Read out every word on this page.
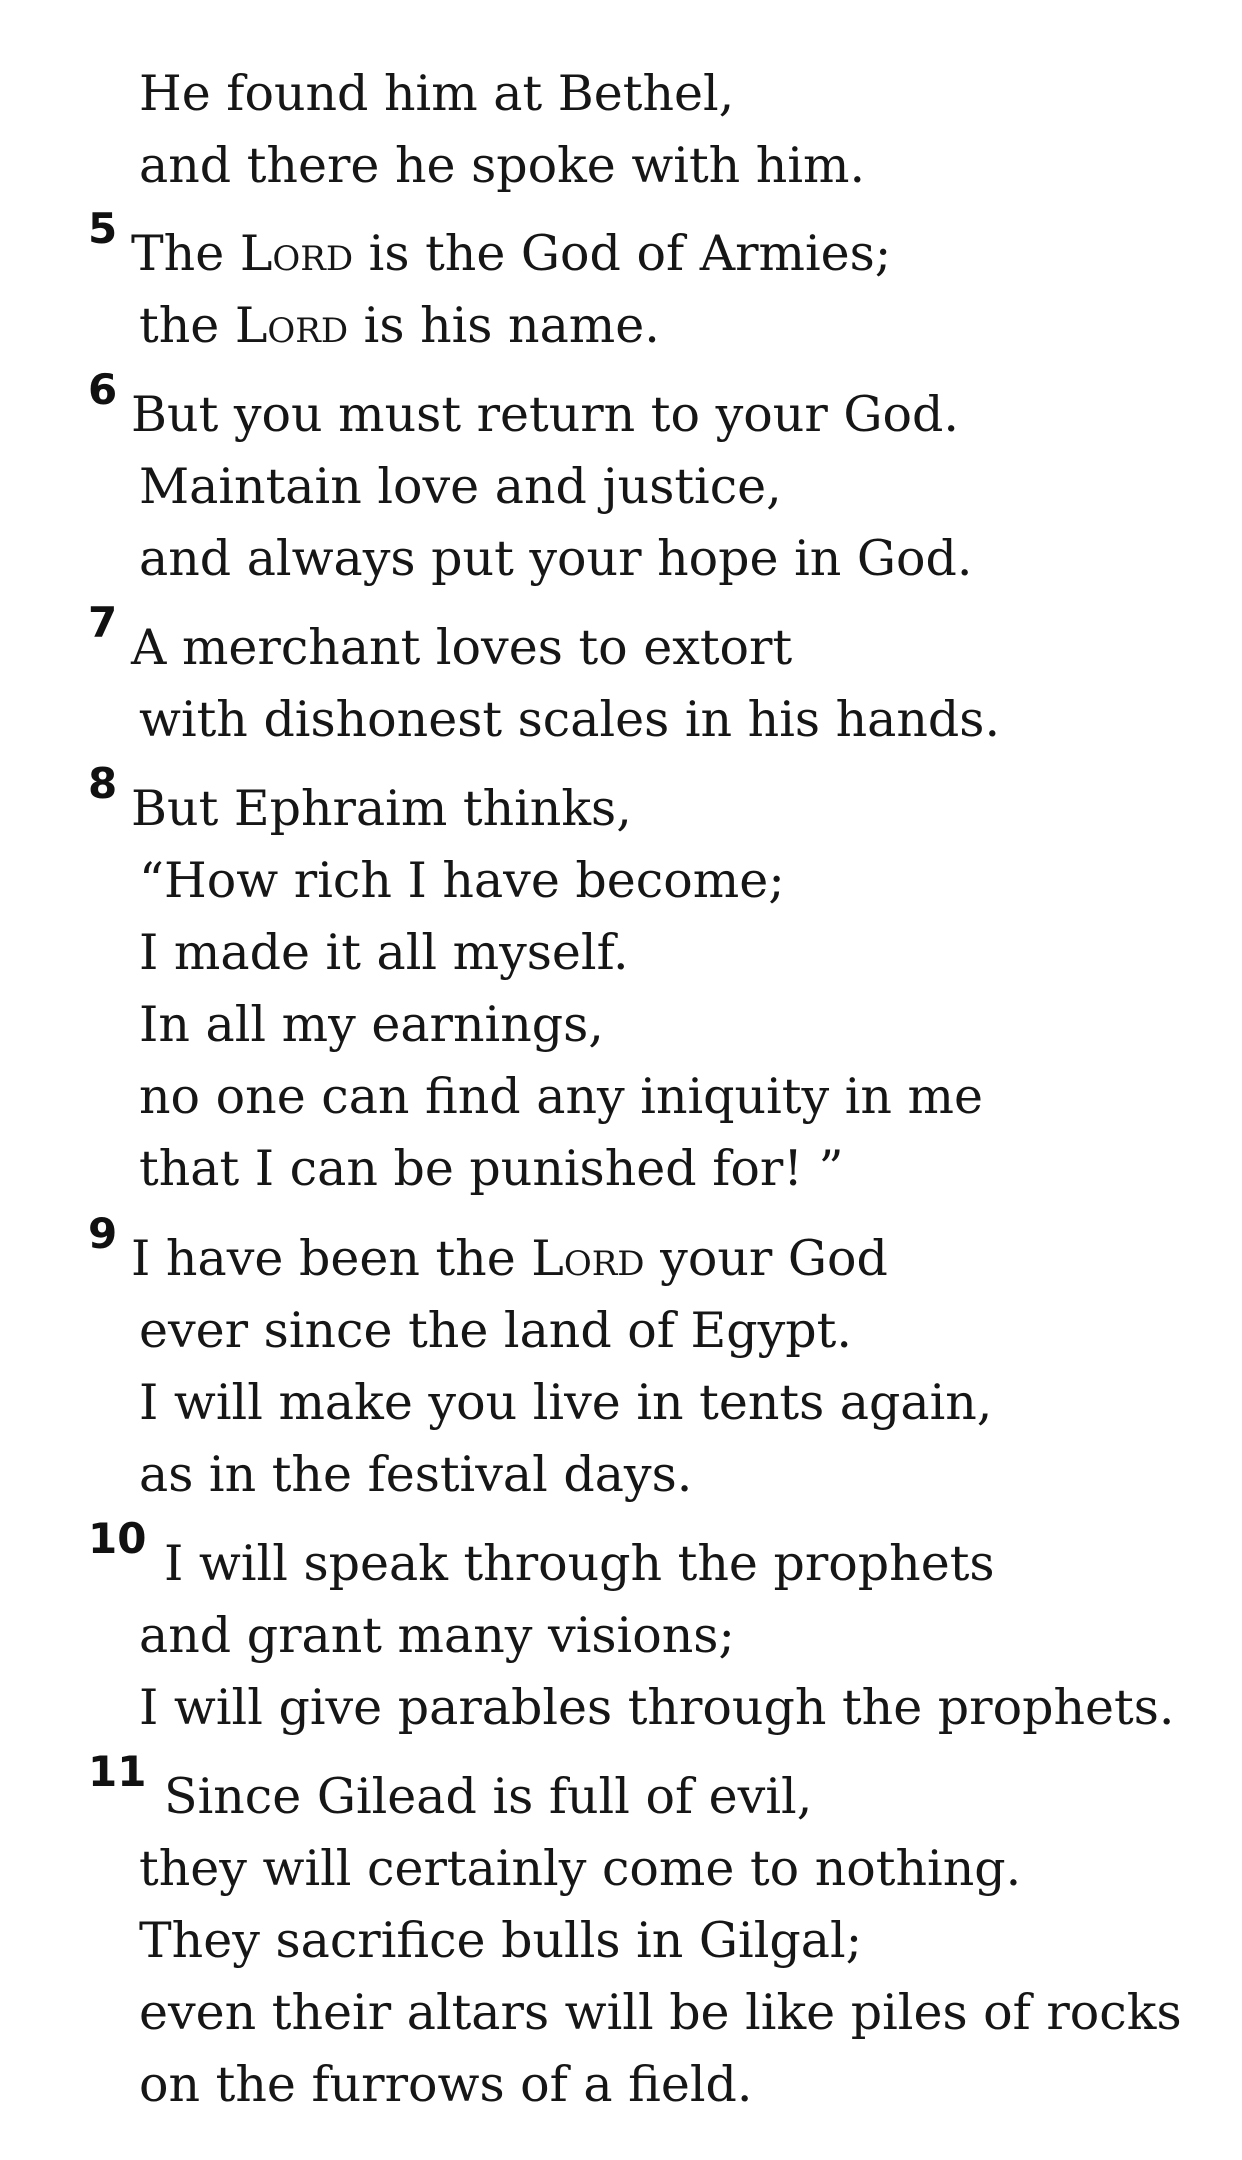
He found him at Bethel,
and there he spoke with him.
5 The Lord is the God of Armies;
the Lord is his name.
6 But you must return to your God.
Maintain love and justice,
and always put your hope in God.
7 A merchant loves to extort
with dishonest scales in his hands.
8 But Ephraim thinks,
“How rich I have become;
I made it all myself.
In all my earnings,
no one can find any iniquity in me
that I can be punished for! ”
9 I have been the Lord your God
ever since the land of Egypt.
I will make you live in tents again,
as in the festival days.
10 I will speak through the prophets
and grant many visions;
I will give parables through the prophets.
11 Since Gilead is full of evil,
they will certainly come to nothing.
They sacrifice bulls in Gilgal;
even their altars will be like piles of rocks
on the furrows of a field.
